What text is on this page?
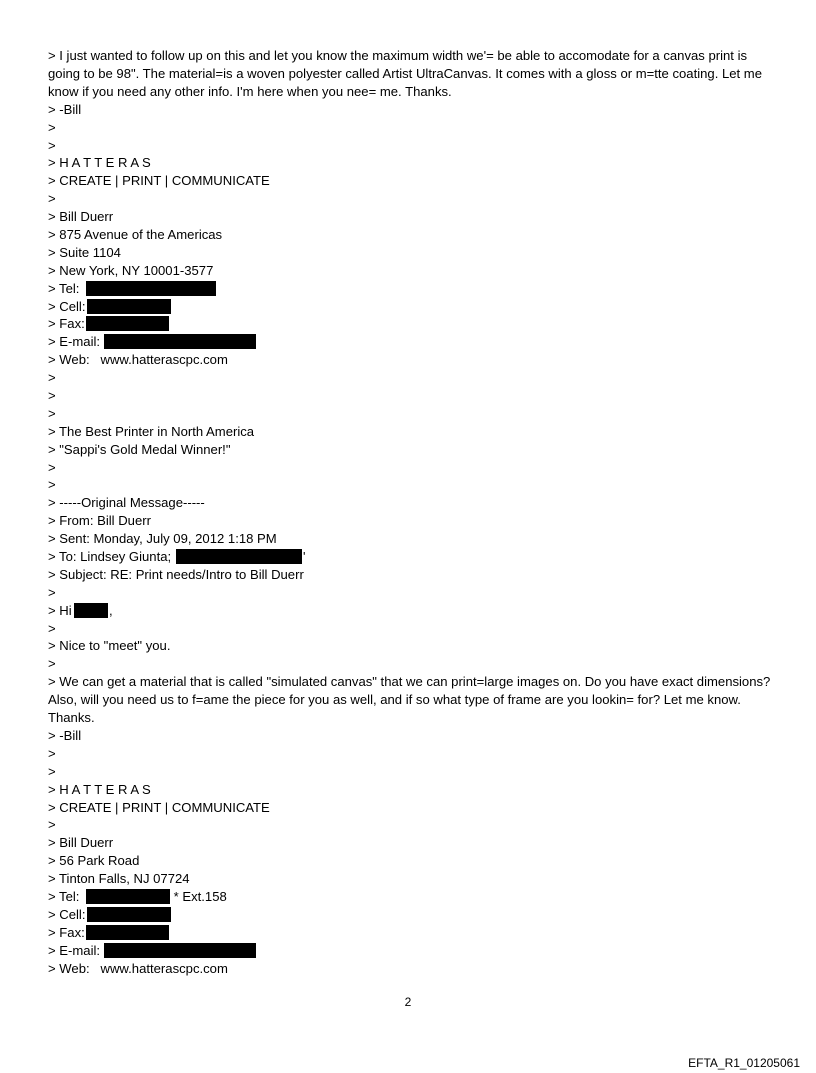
> I just wanted to follow up on this and let you know the maximum width we'= be able to accomodate for a canvas print is going to be 98". The material=is a woven polyester called Artist UltraCanvas. It comes with a gloss or m=tte coating. Let me know if you need any other info. I'm here when you nee= me. Thanks.
> -Bill
>
>
> H A T T E R A S
> CREATE | PRINT | COMMUNICATE
>
> Bill Duerr
> 875 Avenue of the Americas
> Suite 1104
> New York, NY 10001-3577
> Tel:
> Cell:
> Fax:
> E-mail:
> Web:   www.hatterascpc.com
>
>
>
> The Best Printer in North America
> "Sappi's Gold Medal Winner!"
>
>
> -----Original Message-----
> From: Bill Duerr
> Sent: Monday, July 09, 2012 1:18 PM
> To: Lindsey Giunta;	'
> Subject: RE: Print needs/Intro to Bill Duerr
>
> Hi	,
>
> Nice to "meet" you.
>
> We can get a material that is called "simulated canvas" that we can print=large images on. Do you have exact dimensions? Also, will you need us to f=ame the piece for you as well, and if so what type of frame are you lookin= for? Let me know. Thanks.
> -Bill
>
>
> H A T T E R A S
> CREATE | PRINT | COMMUNICATE
>
> Bill Duerr
> 56 Park Road
> Tinton Falls, NJ 07724
> Tel:	* Ext.158
> Cell:
> Fax:
> E-mail:
> Web:   www.hatterascpc.com
2
EFTA_R1_01205061
